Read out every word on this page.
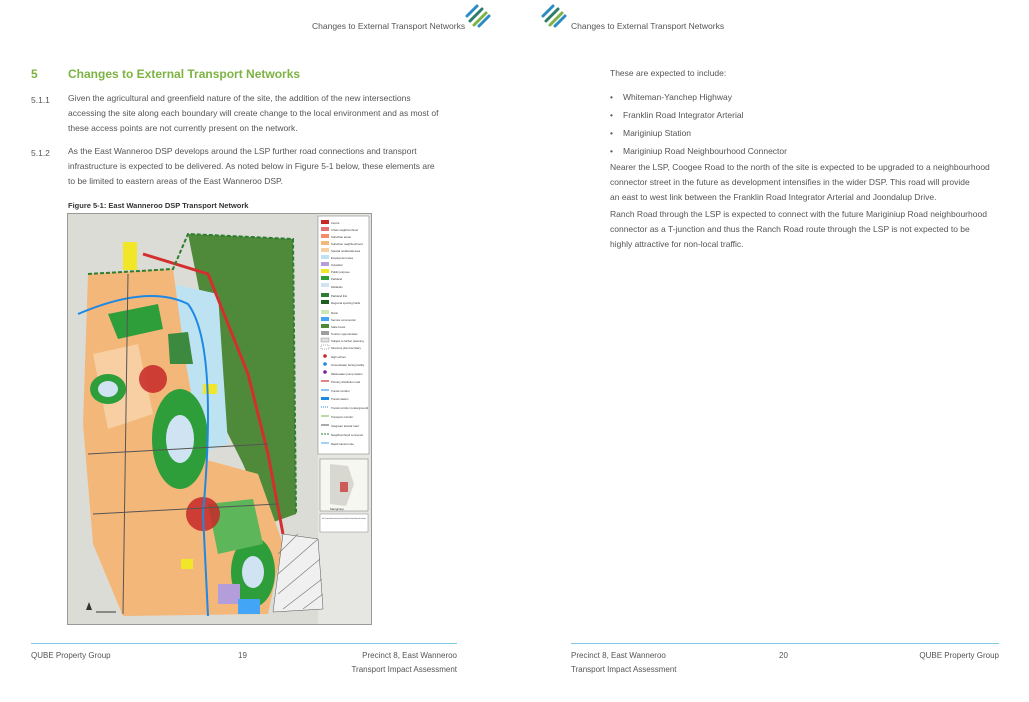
Changes to External Transport Networks
5	Changes to External Transport Networks
5.1.1 Given the agricultural and greenfield nature of the site, the addition of the new intersections
accessing the site along each boundary will create change to the local environment and as most of
these access points are not currently present on the network.
5.1.2 As the East Wanneroo DSP develops around the LSP further road connections and transport
infrastructure is expected to be delivered. As noted below in Figure 5-1 below, these elements are
to be limited to eastern areas of the East Wanneroo DSP.
Figure 5-1: East Wanneroo DSP Transport Network
Centre
Urban neighbourhood
Suburban areas
Suburban neighbourhood
Special residential area
Employment area
Industrial
Public purpose
Parkland
Wetlands
Parkland link
Regional sporting fields
Rural
Service commercial
State forest
Tourism opportunities
Subject to further planning
Structure plan boundary
High school
Groundwater boring facility
Wastewater pump station
Primary distributor road
Transit corridor
Transit station
Transit corridor (underground)
Transport corridor
Integrator arterial road
Neighbourhood connector
Rapid transit route
Mariginiup
Note: This map should be understood as indicative only with details to be finalised following further investigation.
QUBE Property Group	19	Precinct 8, East Wanneroo
Transport Impact Assessment
Changes to External Transport Networks
These are expected to include:
• Whiteman-Yanchep Highway
• Franklin Road Integrator Arterial
• Mariginiup Station
• Mariginiup Road Neighbourhood Connector
Nearer the LSP, Coogee Road to the north of the site is expected to be upgraded to a neighbourhood
connector street in the future as development intensifies in the wider DSP. This road will provide
an east to west link between the Franklin Road Integrator Arterial and Joondalup Drive.
Ranch Road through the LSP is expected to connect with the future Mariginiup Road neighbourhood
connector as a T-junction and thus the Ranch Road route through the LSP is not expected to be
highly attractive for non-local traffic.
Precinct 8, East Wanneroo
Transport Impact Assessment
20	QUBE Property Group
